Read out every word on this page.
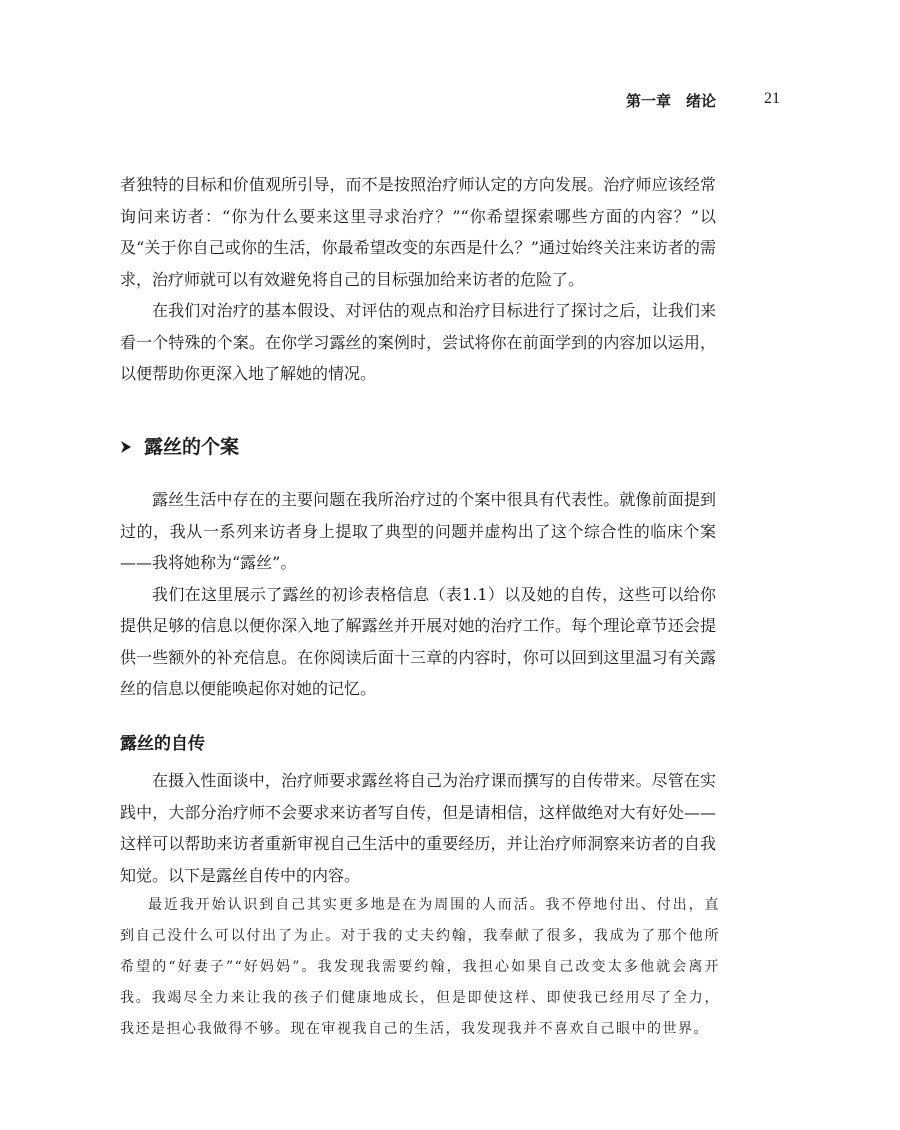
第一章　绪论	21

者独特的目标和价值观所引导，而不是按照治疗师认定的方向发展。治疗师应该经常询问来访者：“你为什么要来这里寻求治疗？”“你希望探索哪些方面的内容？”以及“关于你自己或你的生活，你最希望改变的东西是什么？”通过始终关注来访者的需求，治疗师就可以有效避免将自己的目标强加给来访者的危险了。

在我们对治疗的基本假设、对评估的观点和治疗目标进行了探讨之后，让我们来看一个特殊的个案。在你学习露丝的案例时，尝试将你在前面学到的内容加以运用，以便帮助你更深入地了解她的情况。

露丝的个案

露丝生活中存在的主要问题在我所治疗过的个案中很具有代表性。就像前面提到过的，我从一系列来访者身上提取了典型的问题并虚构出了这个综合性的临床个案——我将她称为“露丝”。

我们在这里展示了露丝的初诊表格信息（表1.1）以及她的自传，这些可以给你提供足够的信息以便你深入地了解露丝并开展对她的治疗工作。每个理论章节还会提供一些额外的补充信息。在你阅读后面十三章的内容时，你可以回到这里温习有关露丝的信息以便能唤起你对她的记忆。

露丝的自传

在摄入性面谈中，治疗师要求露丝将自己为治疗课而撰写的自传带来。尽管在实践中，大部分治疗师不会要求来访者写自传，但是请相信，这样做绝对大有好处——这样可以帮助来访者重新审视自己生活中的重要经历，并让治疗师洞察来访者的自我知觉。以下是露丝自传中的内容。

最近我开始认识到自己其实更多地是在为周围的人而活。我不停地付出、付出，直到自己没什么可以付出了为止。对于我的丈夫约翰，我奉献了很多，我成为了那个他所希望的“好妻子”“好妈妈”。我发现我需要约翰，我担心如果自己改变太多他就会离开我。我竭尽全力来让我的孩子们健康地成长，但是即使这样、即使我已经用尽了全力，我还是担心我做得不够。现在审视我自己的生活，我发现我并不喜欢自己眼中的世界。
